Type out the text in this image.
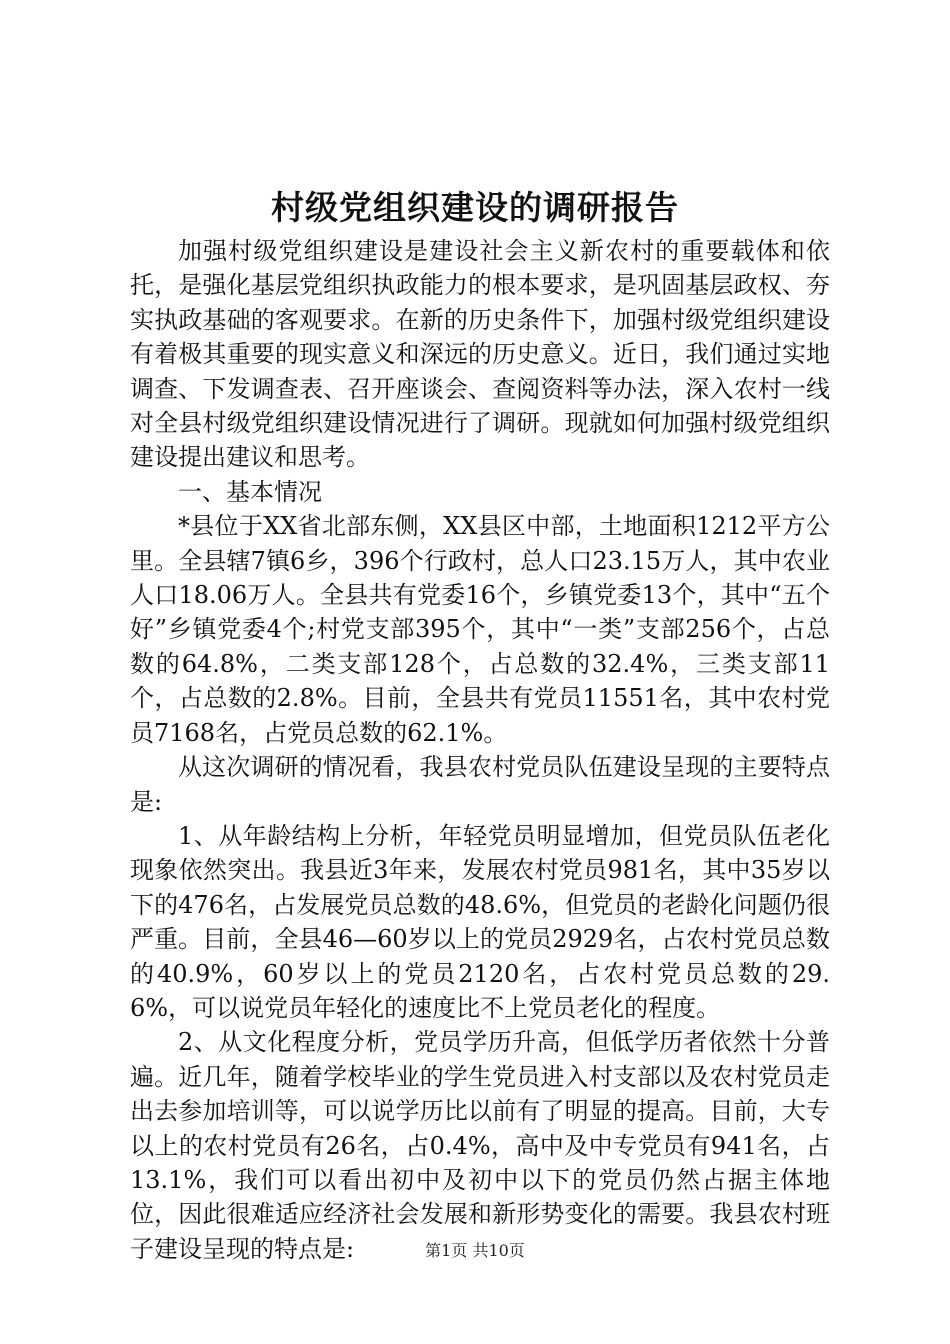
村级党组织建设的调研报告

加强村级党组织建设是建设社会主义新农村的重要载体和依托，是强化基层党组织执政能力的根本要求，是巩固基层政权、夯实执政基础的客观要求。在新的历史条件下，加强村级党组织建设有着极其重要的现实意义和深远的历史意义。近日，我们通过实地调查、下发调查表、召开座谈会、查阅资料等办法，深入农村一线对全县村级党组织建设情况进行了调研。现就如何加强村级党组织建设提出建议和思考。

一、基本情况

*县位于XX省北部东侧，XX县区中部，土地面积1212平方公里。全县辖7镇6乡，396个行政村，总人口23.15万人，其中农业人口18.06万人。全县共有党委16个，乡镇党委13个，其中“五个好”乡镇党委4个;村党支部395个，其中“一类”支部256个，占总数的64.8%，二类支部128个，占总数的32.4%，三类支部11个，占总数的2.8%。目前，全县共有党员11551名，其中农村党员7168名，占党员总数的62.1%。

从这次调研的情况看，我县农村党员队伍建设呈现的主要特点是:

1、从年龄结构上分析，年轻党员明显增加，但党员队伍老化现象依然突出。我县近3年来，发展农村党员981名，其中35岁以下的476名，占发展党员总数的48.6%，但党员的老龄化问题仍很严重。目前，全县46—60岁以上的党员2929名，占农村党员总数的40.9%，60岁以上的党员2120名，占农村党员总数的29.6%，可以说党员年轻化的速度比不上党员老化的程度。

2、从文化程度分析，党员学历升高，但低学历者依然十分普遍。近几年，随着学校毕业的学生党员进入村支部以及农村党员走出去参加培训等，可以说学历比以前有了明显的提高。目前，大专以上的农村党员有26名，占0.4%，高中及中专党员有941名，占13.1%，我们可以看出初中及初中以下的党员仍然占据主体地位，因此很难适应经济社会发展和新形势变化的需要。我县农村班子建设呈现的特点是:	第1页 共10页
